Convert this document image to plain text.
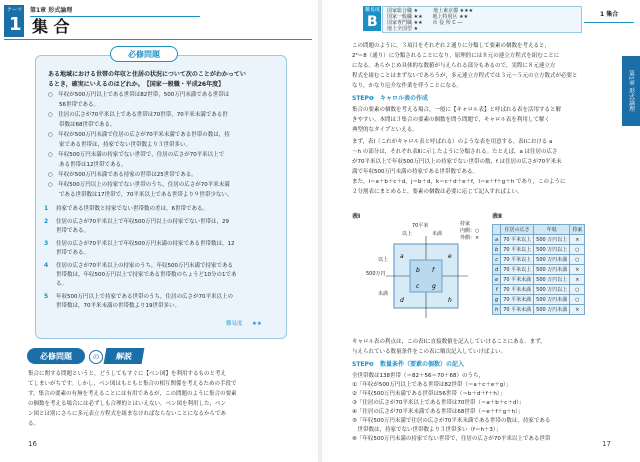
テーマ
1
第1章 形式論理
集 合
ある地域における世帯の年収と住居の状況について次のことがわかってい
るとき，確実にいえるのはどれか。　【国家一般職・平成26年度】
○　年収が500万円以上である世帯は82世帯，500万円未満である世帯は
　　56世帯である。
○　住居の広さが70平米以上である世帯は70世帯，70平米未満である世
　　帯数は68世帯である。
○　年収が500万円未満で住居の広さが70平米未満である世帯の数は，持
　　家である世帯は，持家でない世帯数より３世帯多い。
○　年収500万円未満の持家でない世帯で，住居の広さが70平米以上で
　　ある世帯は12世帯である。
○　年収が500万円未満である持家の世帯は25世帯である。
○　年収500万円以上の持家でない世帯のうち，住居の広さが70平米未満
　　である世帯数は17世帯で，70平米以上である世帯より９世帯少ない。
1 持家である世帯数と持家でない世帯数の差は，6世帯である。
2 住居の広さが70平米以上で年収500万円以上の持家でない世帯は，29
世帯である。
3 住居の広さが70平米以上で年収500万円未満の持家である世帯数は，12
世帯である。
4 住居の広さが70平米以上の持家のうち，年収500万円未満で持家である
世帯数は，年収500万円以上で持家である世帯数のちょうど10分の1であ
る。
5 年収500万円以上で持家である世帯のうち，住居の広さが70平米以上の
世帯数は，70平米未満の世帯数より19世帯多い。
難易度 ★★
必修問題
必修問題	の	解説
集合に関する問題というと，どうしてもすぐに【ベン図】を利用するものと考え
てしまいがちです。しかし，ベン図はもともと集合の相互関係を考えるための手段で
す。集合の要素の有無を考えることには有用であるが，この問題のように集合の要素
の個数を考える場合には必ずしも合理的とはいえない。ベン図を利用した，ベン
ン図とは別にさらに多元表立方程式を組まなければならないことになるからであ
る。
16
難易度
B
国家総合職 ★　　　地上東京都 ★★★
国家一般職 ★★　　地上特別区 ★★
国家専門職 ★★　　市 役 所 C ―
地上全国型 ★
1 集合
第1章 形式論理
この問題のように，３項目をそれぞれ２通りに分類して要素の個数を考えると，
2³＝8（通り）に分類されることになり，原理的には８元の連立方程式を組むことに
になる。あらかじめ具体的な数値が与えられる部分もあるので，実際に８元連立方
程式を組むことはまずないであろうが，多元連立方程式では３元～５元の立方数式が必要と
なり，かなり厄介な作業を伴うことになる。
STEP❶　キャロル表の作成
集合の要素の個数を考える場合，一般に【キャロル表】と呼ばれる表を活用すると解
きやすい。本問は３集合の要素の個数を問う問題で，キャロル表を利用して解く
典型的なタイプといえる。
まず，表Ⅰ（これがキャロル表と呼ばれる）のような表を用意する。表Ⅰにおける a
～h の部分は，それぞれ表Ⅱに示したように分類される。たとえば，a は住居の広さ
が70平米以上で年収500万円以上の持家でない世帯の数，f は住居の広さが70平米未
満で年収500万円未満の持家である世帯数である。
また，i＝a＋b＋c＋d，j＝b＋d，k＝c＋d＋e＋f，l＝e＋f＋g＋h であり，このように
２分割表にまとめると，要素の個数は必要に応じて記入すればよい。
表Ⅰ
a
b
c
d
e
f
g
h
70平米
以上	未満
以上
500万円
未満
持家
内側：○
外側：×
表Ⅱ
	住居の広さ	年収	持家
a	70 平米以上	500 万円以上	×
b	70 平米以上	500 万円以上	○
c	70 平米以上	500 万円未満	○
d	70 平米以上	500 万円未満	×
e	70 平米未満	500 万円以上	×
f	70 平米未満	500 万円以上	○
g	70 平米未満	500 万円未満	○
h	70 平米未満	500 万円未満	×
キャロル表の利点は，この表Ⅰに直接数値を記入していけることにある。まず，
与えられている数量条件をこの表に順次記入していけばよい。
STEP❷　数量条件（要素の個数）の記入
全世帯数は138世帯（＝82＋56＝70＋68）のうち，
①「年収が500万円以上である世帯は82世帯（＝a＋c＋e＋g）」
②「年収500万円未満である世帯は56世帯（＝b＋d＋f＋h）」
③「住居の広さが70平米以上である世帯は70世帯（＝a＋b＋c＋d）」
④「住居の広さが70平米未満である世帯は68世帯（＝e＋f＋g＋h）」
⑤「年収500万円未満で住居の広さが70平米未満である世帯の数は，持家である
　世帯数は，持家でない世帯数より３世帯多い（f＝h＋3）」
⑥「年収500万円未満の持家でない世帯で，住居の広さが70平米以上である世帯
17
